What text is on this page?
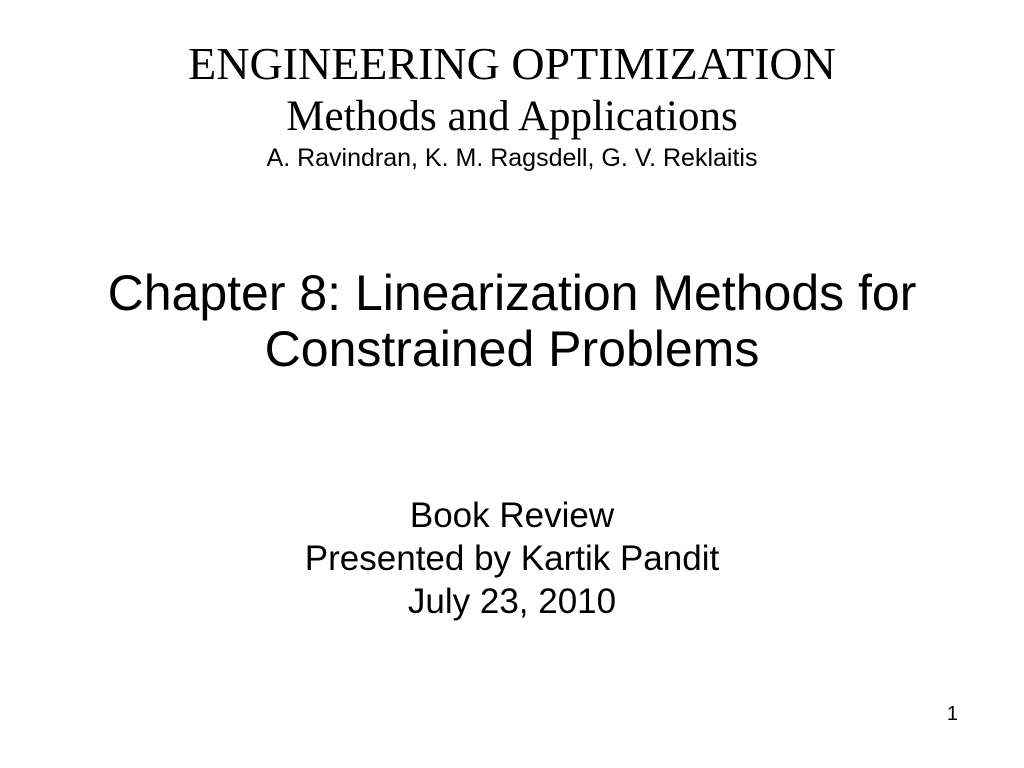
ENGINEERING OPTIMIZATION
Methods and Applications
A. Ravindran, K. M. Ragsdell, G. V. Reklaitis
Chapter 8: Linearization Methods for
Constrained Problems
Book Review
Presented by Kartik Pandit
July 23, 2010
1
